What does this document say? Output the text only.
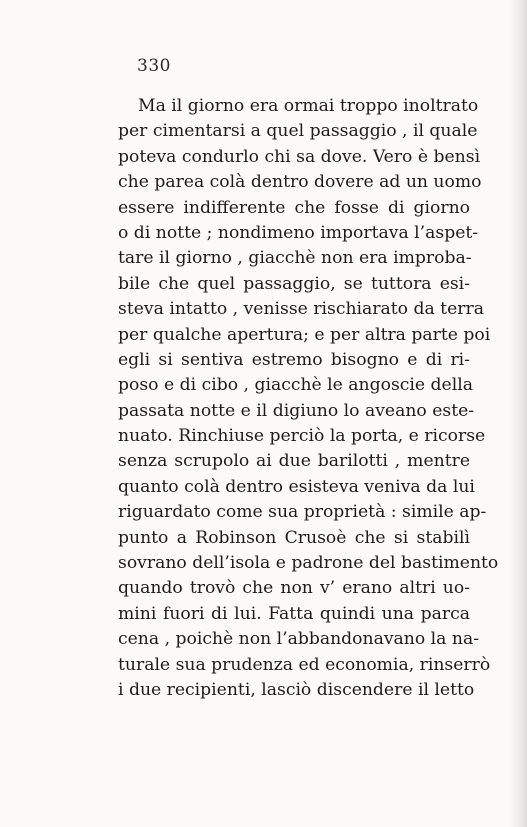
330
Ma il giorno era ormai troppo inoltrato
per cimentarsi a quel passaggio , il quale
poteva condurlo chi sa dove. Vero è bensì
che parea colà dentro dovere ad un uomo
essere indifferente che fosse di giorno
o di notte ; nondimeno importava l’aspet-
tare il giorno , giacchè non era improba-
bile che quel passaggio, se tuttora esi-
steva intatto , venisse rischiarato da terra
per qualche apertura; e per altra parte poi
egli si sentiva estremo bisogno e di ri-
poso e di cibo , giacchè le angoscie della
passata notte e il digiuno lo aveano este-
nuato. Rinchiuse perciò la porta, e ricorse
senza scrupolo ai due barilotti , mentre
quanto colà dentro esisteva veniva da lui
riguardato come sua proprietà : simile ap-
punto a Robinson Crusoè che si stabilì
sovrano dell’isola e padrone del bastimento
quando trovò che non v’ erano altri uo-
mini fuori di lui. Fatta quindi una parca
cena , poichè non l’abbandonavano la na-
turale sua prudenza ed economia, rinserrò
i due recipienti, lasciò discendere il letto
